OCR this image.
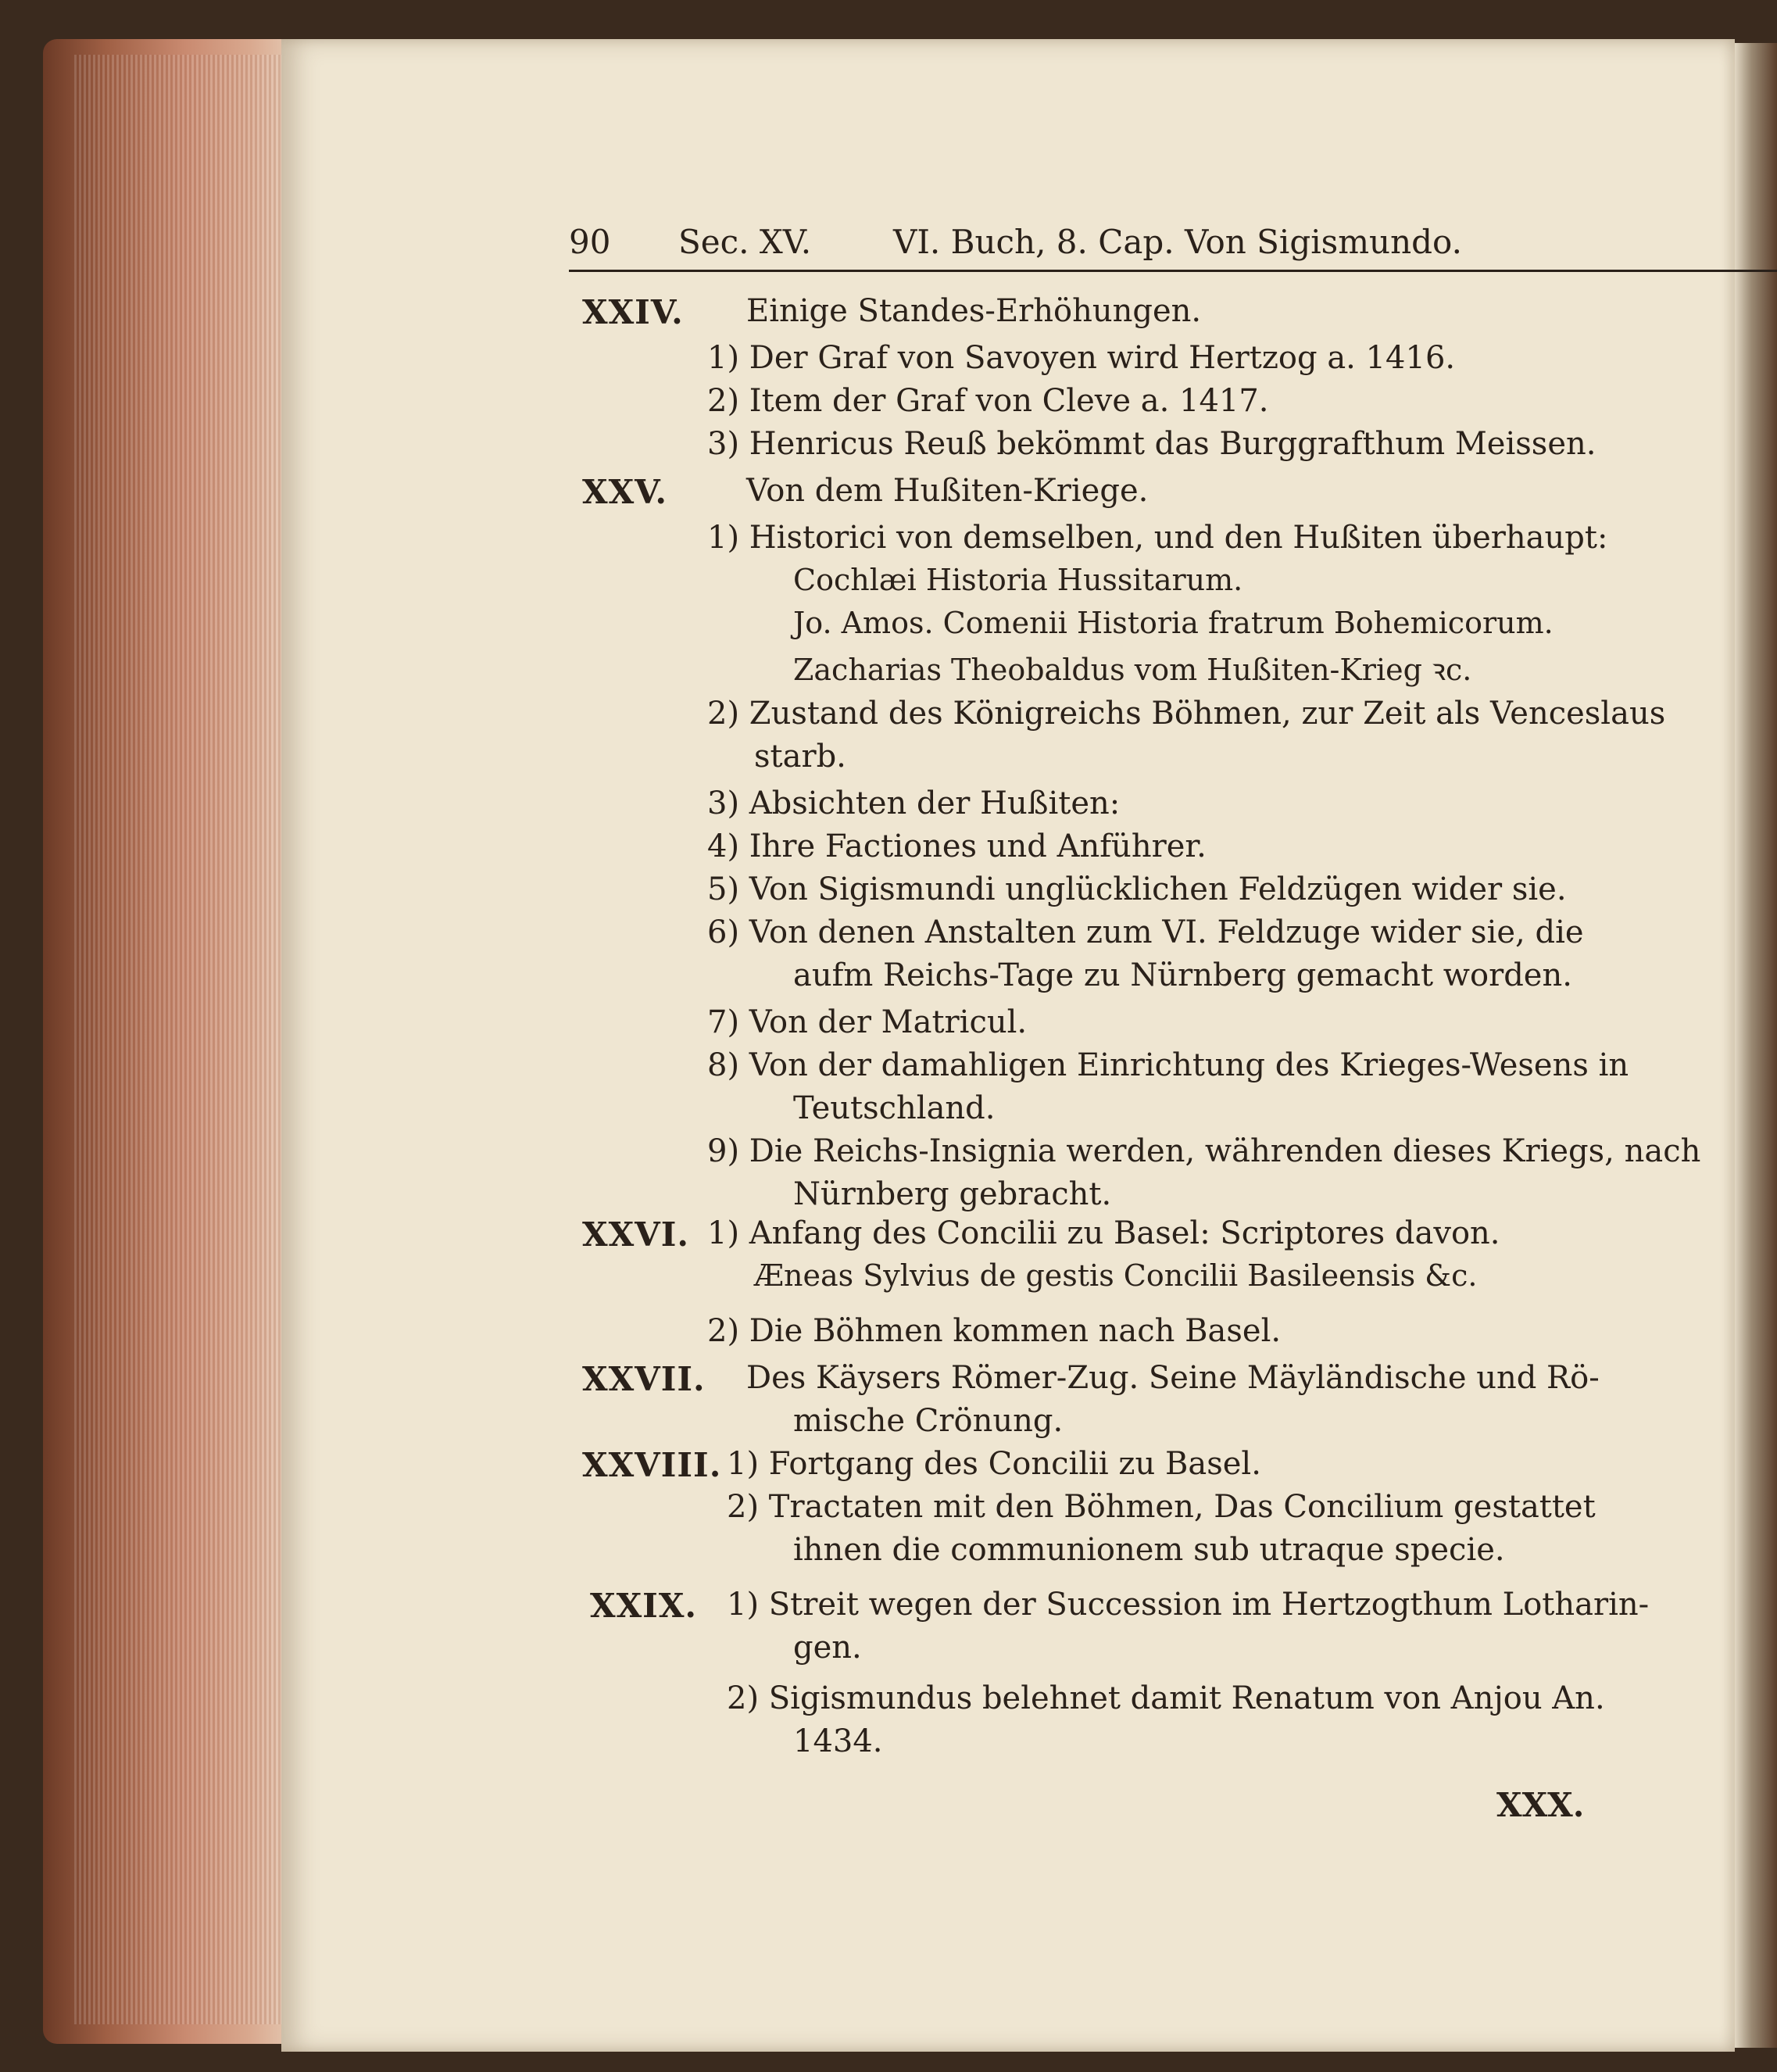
90 Sec. XV. VI. Buch, 8. Cap. Von Sigismundo.
XXIV. Einige Standes-Erhöhungen.
1) Der Graf von Savoyen wird Hertzog a. 1416.
2) Item der Graf von Cleve a. 1417.
3) Henricus Reuß bekömmt das Burggrafthum Meissen.
XXV.	Von dem Hußiten-Kriege.
1) Historici von demselben, und den Hußiten überhaupt:
Cochlæi Historia Hussitarum.
Jo. Amos. Comenii Historia fratrum Bohemicorum.
Zacharias Theobaldus vom Hußiten-Krieg ꝛc.
2) Zustand des Königreichs Böhmen, zur Zeit als Venceslaus
starb.
3) Absichten der Hußiten:
4) Ihre Factiones und Anführer.
5) Von Sigismundi unglücklichen Feldzügen wider sie.
6) Von denen Anstalten zum VI. Feldzuge wider sie, die
aufm Reichs-Tage zu Nürnberg gemacht worden.
7) Von der Matricul.
8) Von der damahligen Einrichtung des Krieges-Wesens in
Teutschland.
9) Die Reichs-Insignia werden, währenden dieses Kriegs, nach
Nürnberg gebracht.
XXVI. 1) Anfang des Concilii zu Basel: Scriptores davon.
Æneas Sylvius de gestis Concilii Basileensis &c.
2) Die Böhmen kommen nach Basel.
XXVII. Des Käysers Römer-Zug. Seine Mäyländische und Rö-
mische Crönung.
XXVIII. 1) Fortgang des Concilii zu Basel.
2) Tractaten mit den Böhmen, Das Concilium gestattet
ihnen die communionem sub utraque specie.
XXIX. 1) Streit wegen der Succession im Hertzogthum Lotharin-
gen.
2) Sigismundus belehnet damit Renatum von Anjou An.
1434.
XXX.
